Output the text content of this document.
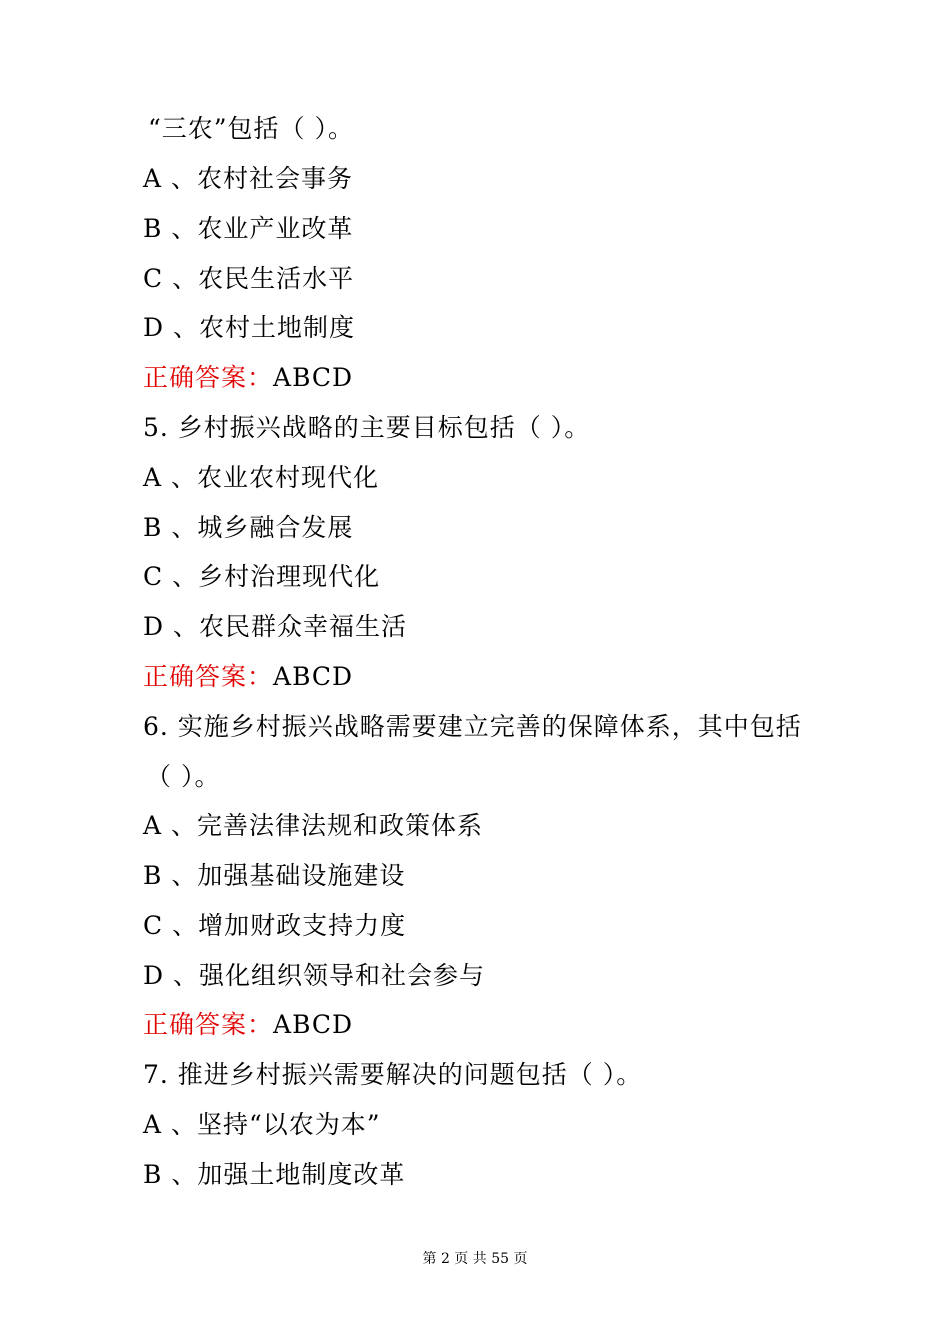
“三农”包括（ ）。
A 、农村社会事务
B 、农业产业改革
C 、农民生活水平
D 、农村土地制度
正确答案：ABCD
5. 乡村振兴战略的主要目标包括（ ）。
A 、农业农村现代化
B 、城乡融合发展
C 、乡村治理现代化
D 、农民群众幸福生活
正确答案：ABCD
6. 实施乡村振兴战略需要建立完善的保障体系，其中包括
（ ）。
A 、完善法律法规和政策体系
B 、加强基础设施建设
C 、增加财政支持力度
D 、强化组织领导和社会参与
正确答案：ABCD
7. 推进乡村振兴需要解决的问题包括（ ）。
A 、坚持“以农为本”
B 、加强土地制度改革
第 2 页 共 55 页
